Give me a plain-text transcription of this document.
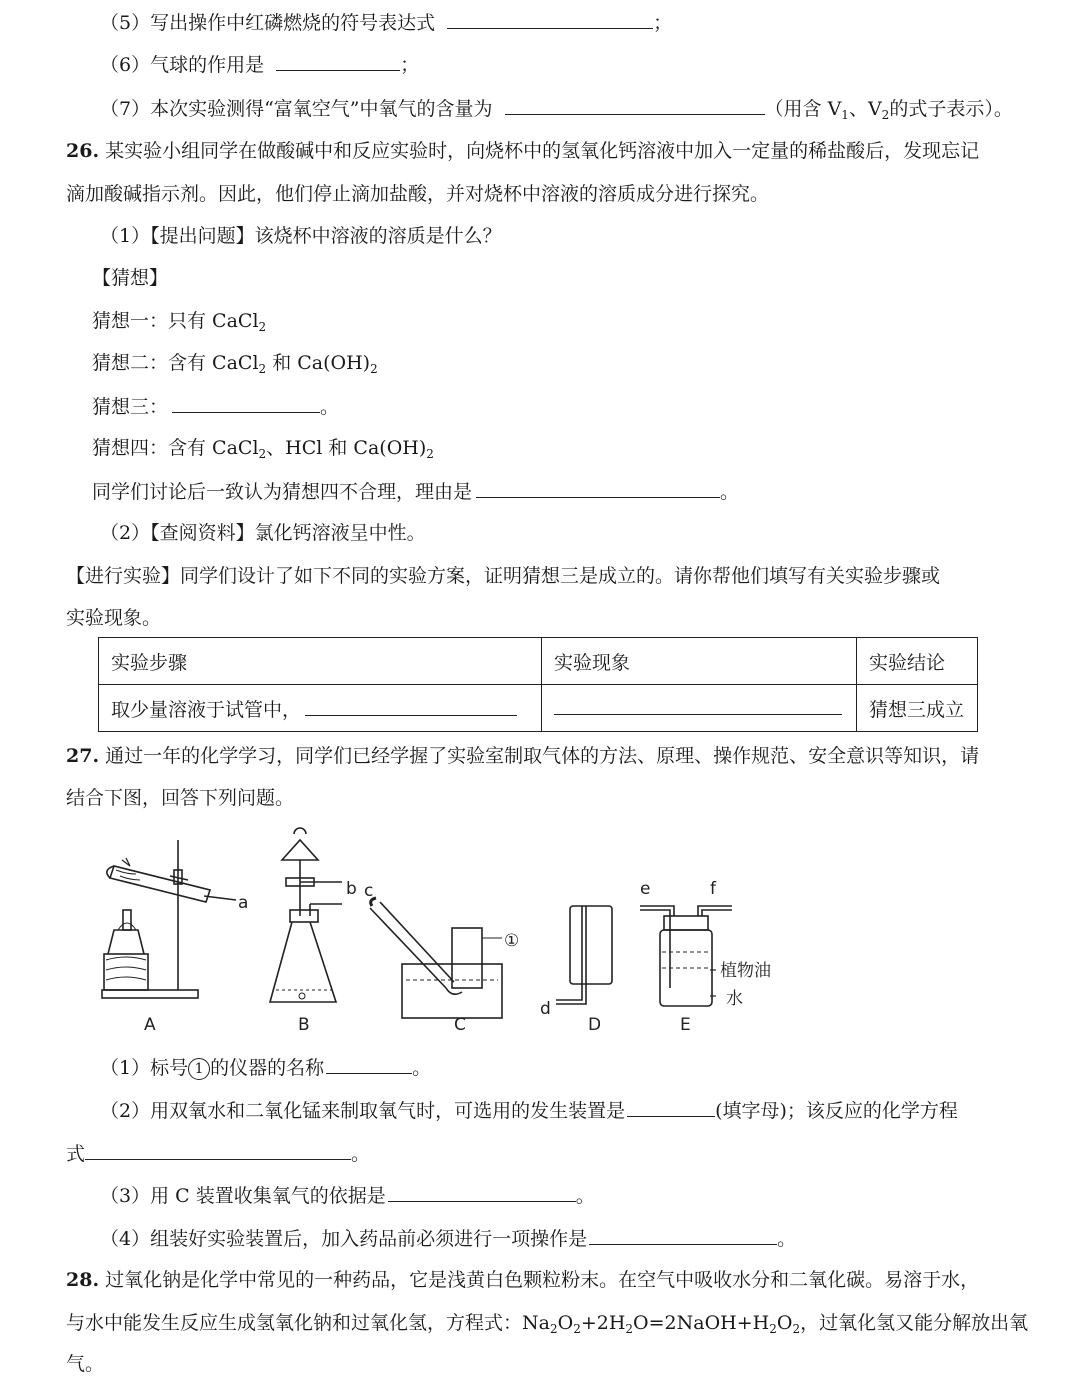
（5）写出操作中红磷燃烧的符号表达式	；
（6）气球的作用是	；
（7）本次实验测得“富氧空气”中氧气的含量为	（用含 $V_1$、$V_2$的式子表示）。
26. 某实验小组同学在做酸碱中和反应实验时，向烧杯中的氢氧化钙溶液中加入一定量的稀盐酸后，发现忘记
滴加酸碱指示剂。因此，他们停止滴加盐酸，并对烧杯中溶液的溶质成分进行探究。
（1）【提出问题】该烧杯中溶液的溶质是什么？
【猜想】
猜想一：只有 CaCl$_2$
猜想二：含有 CaCl$_2$ 和 $Ca(OH)_2$
猜想三：	。
猜想四：含有 CaCl$_2$、HCl 和 $Ca(OH)_2$
同学们讨论后一致认为猜想四不合理，理由是	。
（2）【查阅资料】氯化钙溶液呈中性。
【进行实验】同学们设计了如下不同的实验方案，证明猜想三是成立的。请你帮他们填写有关实验步骤或
实验现象。
实验步骤	实验现象	实验结论
取少量溶液于试管中，		猜想三成立
27. 通过一年的化学学习，同学们已经学握了实验室制取气体的方法、原理、操作规范、安全意识等知识，请
结合下图，回答下列问题。
A	B	C	D	E
a
b c
d
e	f
①
植物油
水
（1）标号 1 的仪器的名称	。
（2）用双氧水和二氧化锰来制取氧气时，可选用的发生装置是	(填字母)；该反应的化学方程
式	。
（3）用 C 装置收集氧气的依据是	。
（4）组装好实验装置后，加入药品前必须进行一项操作是	。
28. 过氧化钠是化学中常见的一种药品，它是浅黄白色颗粒粉末。在空气中吸收水分和二氧化碳。易溶于水，
与水中能发生反应生成氢氧化钠和过氧化氢，方程式：$Na_2O_2+2H_2O=2NaOH+H_2O_2$，过氧化氢又能分解放出氧
气。
